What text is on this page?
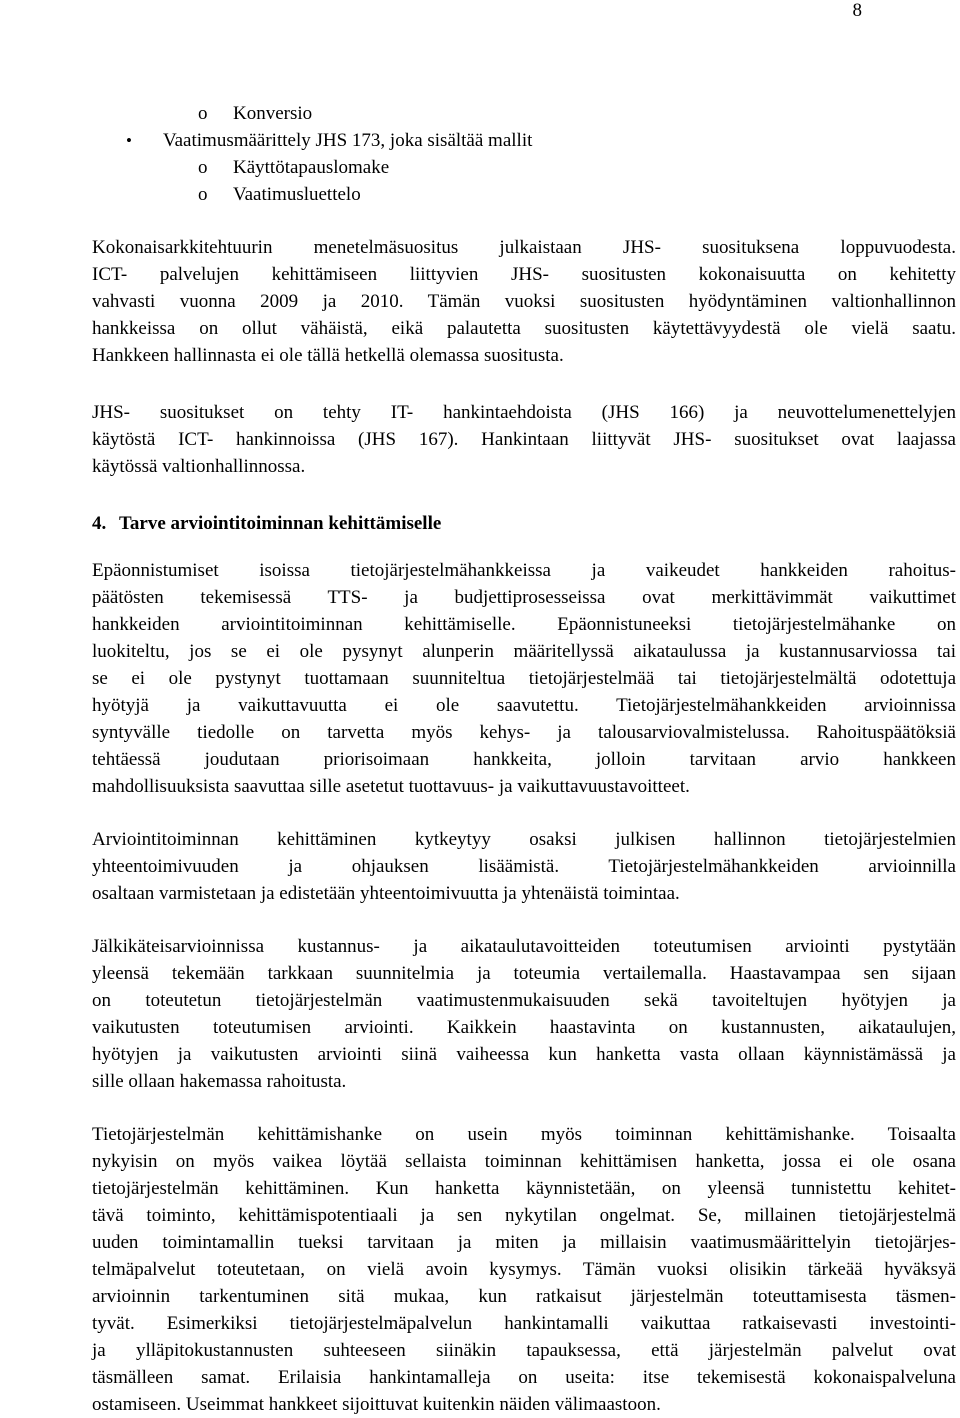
8
o Konversio
• Vaatimusmäärittely JHS 173, joka sisältää mallit
o Käyttötapauslomake
o Vaatimusluettelo
Kokonaisarkkitehtuurin menetelmäsuositus julkaistaan JHS- suosituksena loppuvuodesta.
ICT- palvelujen kehittämiseen liittyvien JHS- suositusten kokonaisuutta on kehitetty
vahvasti vuonna 2009 ja 2010. Tämän vuoksi suositusten hyödyntäminen valtionhallinnon
hankkeissa on ollut vähäistä, eikä palautetta suositusten käytettävyydestä ole vielä saatu.
Hankkeen hallinnasta ei ole tällä hetkellä olemassa suositusta.
JHS- suositukset on tehty IT- hankintaehdoista (JHS 166) ja neuvottelumenettelyjen
käytöstä ICT- hankinnoissa (JHS 167). Hankintaan liittyvät JHS- suositukset ovat laajassa
käytössä valtionhallinnossa.
4. Tarve arviointitoiminnan kehittämiselle
Epäonnistumiset isoissa tietojärjestelmähankkeissa ja vaikeudet hankkeiden rahoitus-
päätösten tekemisessä TTS- ja budjettiprosesseissa ovat merkittävimmät vaikuttimet
hankkeiden arviointitoiminnan kehittämiselle. Epäonnistuneeksi tietojärjestelmähanke on
luokiteltu, jos se ei ole pysynyt alunperin määritellyssä aikataulussa ja kustannusarviossa tai
se ei ole pystynyt tuottamaan suunniteltua tietojärjestelmää tai tietojärjestelmältä odotettuja
hyötyjä ja vaikuttavuutta ei ole saavutettu. Tietojärjestelmähankkeiden arvioinnissa
syntyvälle tiedolle on tarvetta myös kehys- ja talousarviovalmistelussa. Rahoituspäätöksiä
tehtäessä joudutaan priorisoimaan hankkeita, jolloin tarvitaan arvio hankkeen
mahdollisuuksista saavuttaa sille asetetut tuottavuus- ja vaikuttavuustavoitteet.
Arviointitoiminnan kehittäminen kytkeytyy osaksi julkisen hallinnon tietojärjestelmien
yhteentoimivuuden ja ohjauksen lisäämistä. Tietojärjestelmähankkeiden arvioinnilla
osaltaan varmistetaan ja edistetään yhteentoimivuutta ja yhtenäistä toimintaa.
Jälkikäteisarvioinnissa kustannus- ja aikataulutavoitteiden toteutumisen arviointi pystytään
yleensä tekemään tarkkaan suunnitelmia ja toteumia vertailemalla. Haastavampaa sen sijaan
on toteutetun tietojärjestelmän vaatimustenmukaisuuden sekä tavoiteltujen hyötyjen ja
vaikutusten toteutumisen arviointi. Kaikkein haastavinta on kustannusten, aikataulujen,
hyötyjen ja vaikutusten arviointi siinä vaiheessa kun hanketta vasta ollaan käynnistämässä ja
sille ollaan hakemassa rahoitusta.
Tietojärjestelmän kehittämishanke on usein myös toiminnan kehittämishanke. Toisaalta
nykyisin on myös vaikea löytää sellaista toiminnan kehittämisen hanketta, jossa ei ole osana
tietojärjestelmän kehittäminen. Kun hanketta käynnistetään, on yleensä tunnistettu kehitet-
tävä toiminto, kehittämispotentiaali ja sen nykytilan ongelmat. Se, millainen tietojärjestelmä
uuden toimintamallin tueksi tarvitaan ja miten ja millaisin vaatimusmäärittelyin tietojärjes-
telmäpalvelut toteutetaan, on vielä avoin kysymys. Tämän vuoksi olisikin tärkeää hyväksyä
arvioinnin tarkentuminen sitä mukaa, kun ratkaisut järjestelmän toteuttamisesta täsmen-
tyvät. Esimerkiksi tietojärjestelmäpalvelun hankintamalli vaikuttaa ratkaisevasti investointi-
ja ylläpitokustannusten suhteeseen siinäkin tapauksessa, että järjestelmän palvelut ovat
täsmälleen samat. Erilaisia hankintamalleja on useita: itse tekemisestä kokonaispalveluna
ostamiseen. Useimmat hankkeet sijoittuvat kuitenkin näiden välimaastoon.
